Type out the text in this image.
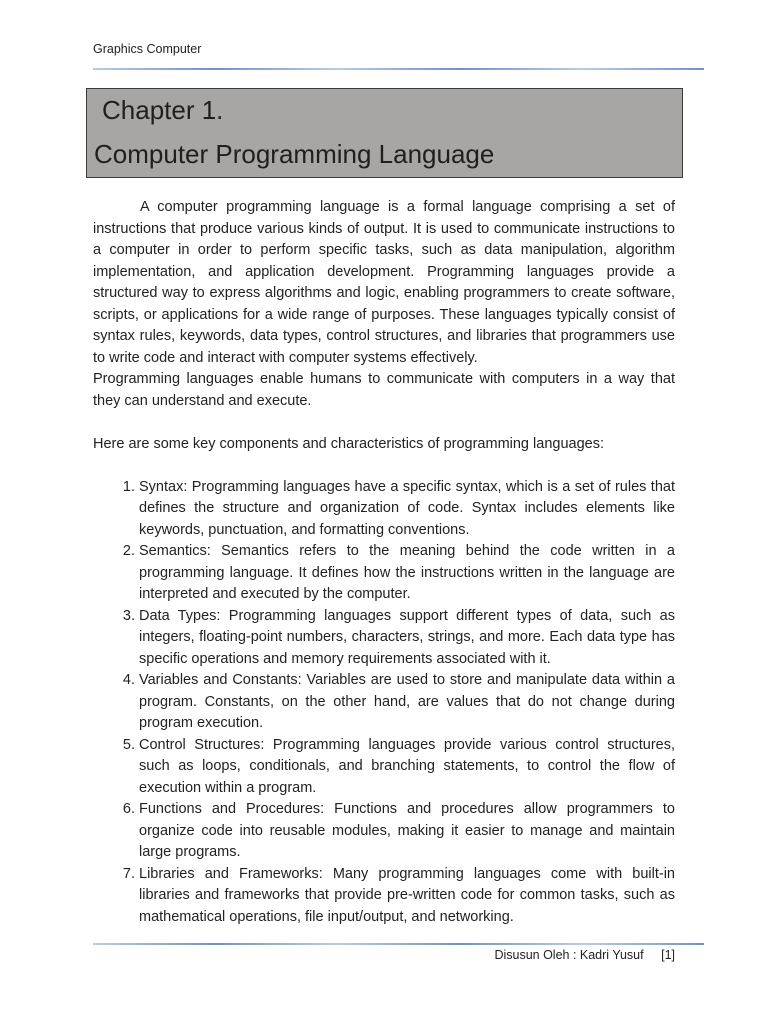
Graphics Computer
Chapter 1.
Computer Programming Language

A computer programming language is a formal language comprising a set of instructions that produce various kinds of output. It is used to communicate instructions to a computer in order to perform specific tasks, such as data manipulation, algorithm implementation, and application development. Programming languages provide a structured way to express algorithms and logic, enabling programmers to create software, scripts, or applications for a wide range of purposes. These languages typically consist of syntax rules, keywords, data types, control structures, and libraries that programmers use to write code and interact with computer systems effectively.

Programming languages enable humans to communicate with computers in a way that they can understand and execute.

Here are some key components and characteristics of programming languages:

1. Syntax: Programming languages have a specific syntax, which is a set of rules that defines the structure and organization of code. Syntax includes elements like keywords, punctuation, and formatting conventions.
2. Semantics: Semantics refers to the meaning behind the code written in a programming language. It defines how the instructions written in the language are interpreted and executed by the computer.
3. Data Types: Programming languages support different types of data, such as integers, floating-point numbers, characters, strings, and more. Each data type has specific operations and memory requirements associated with it.
4. Variables and Constants: Variables are used to store and manipulate data within a program. Constants, on the other hand, are values that do not change during program execution.
5. Control Structures: Programming languages provide various control structures, such as loops, conditionals, and branching statements, to control the flow of execution within a program.
6. Functions and Procedures: Functions and procedures allow programmers to organize code into reusable modules, making it easier to manage and maintain large programs.
7. Libraries and Frameworks: Many programming languages come with built-in libraries and frameworks that provide pre-written code for common tasks, such as mathematical operations, file input/output, and networking.
Disusun Oleh : Kadri Yusuf [1]
